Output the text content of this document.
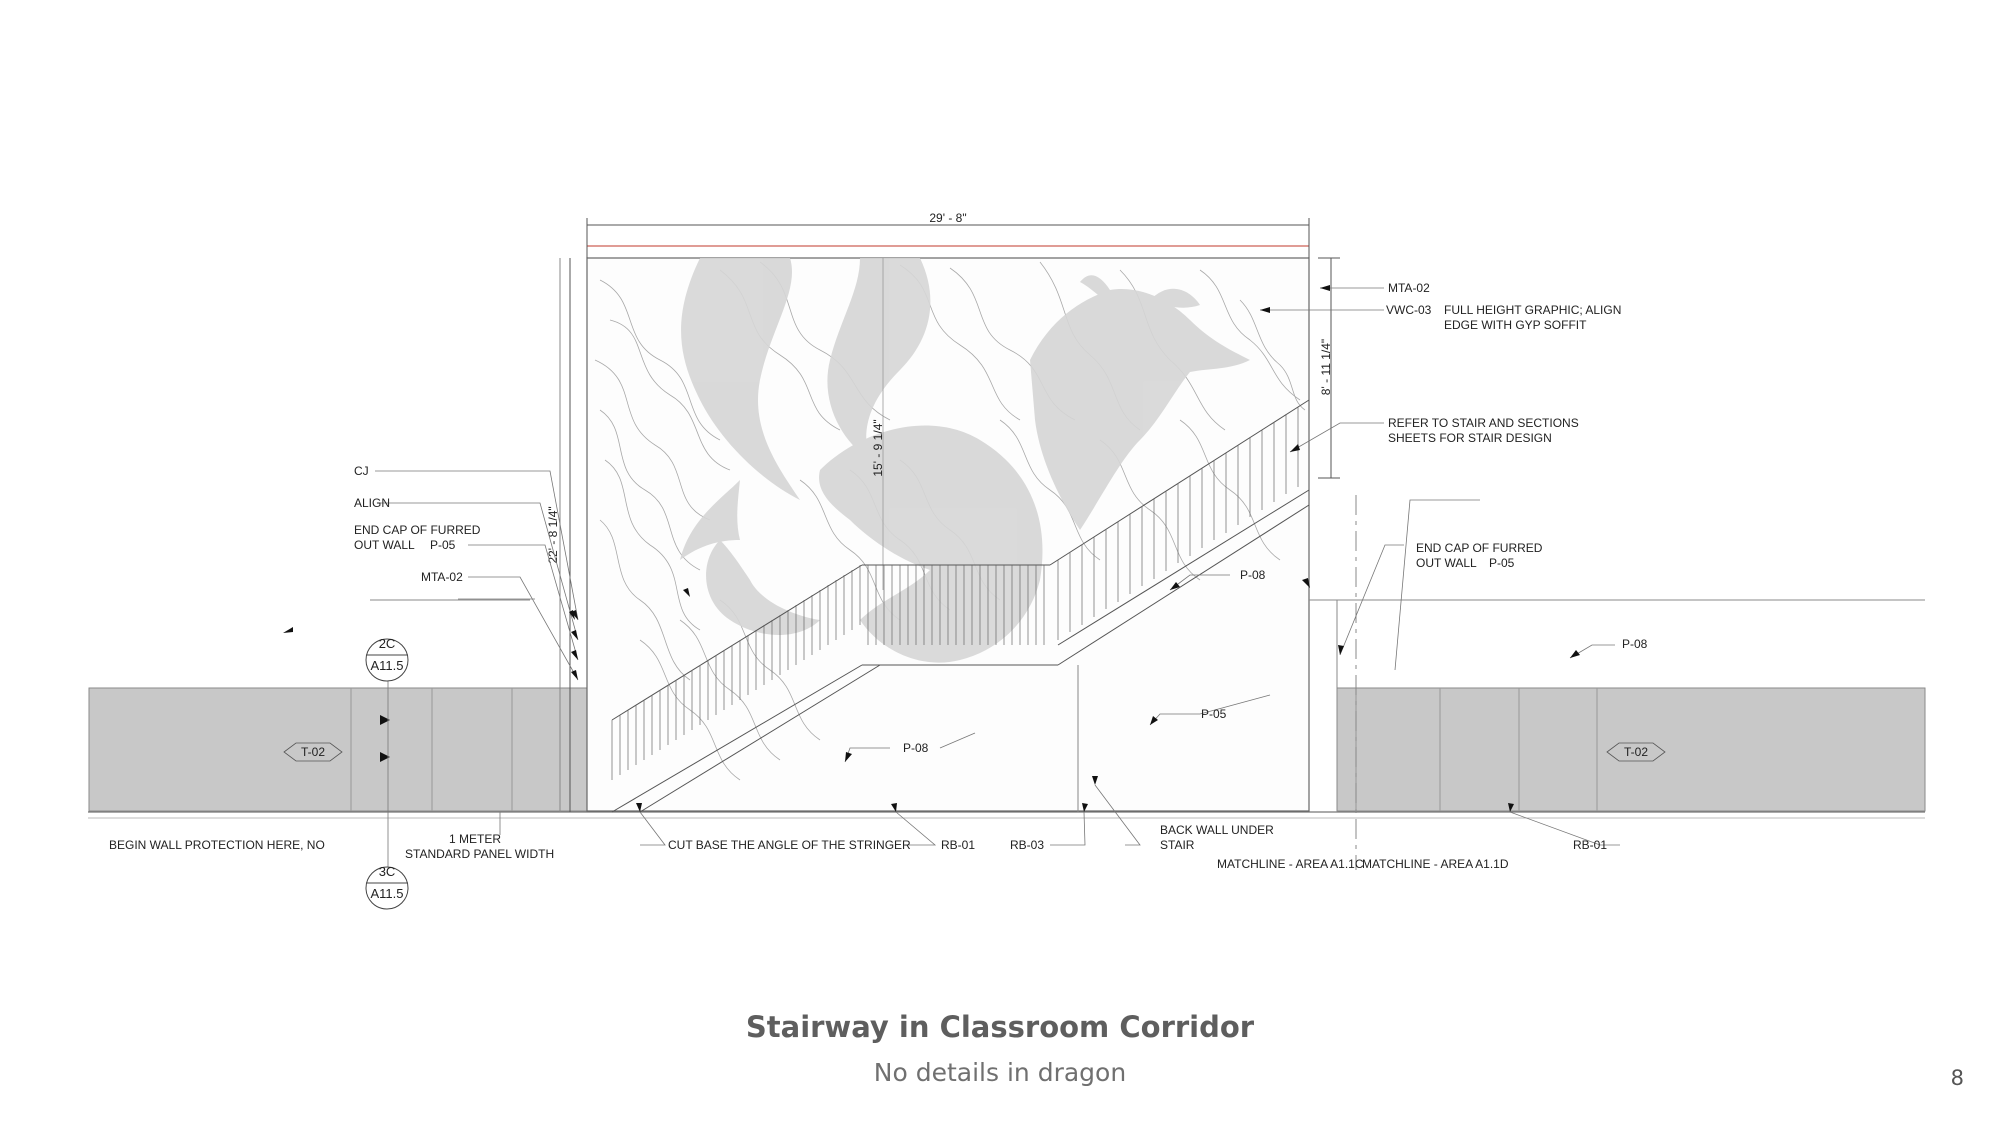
29' - 8"
22' - 8 1/4"
15' - 9 1/4"
8' - 11 1/4"
CJ
ALIGN
END CAP OF FURRED
OUT WALL P-05
MTA-02
MTA-02
VWC-03 FULL HEIGHT GRAPHIC; ALIGN
EDGE WITH GYP SOFFIT
REFER TO STAIR AND SECTIONS
SHEETS FOR STAIR DESIGN
END CAP OF FURRED
OUT WALL P-05
P-08
P-08
P-05
P-08
BEGIN WALL PROTECTION HERE, NO	1 METER
STANDARD PANEL WIDTH
CUT BASE THE ANGLE OF THE STRINGER	RB-01	RB-03
BACK WALL UNDER
STAIR
MATCHLINE - AREA A1.1C
MATCHLINE - AREA A1.1D
RB-01
T-02	T-02
2C
A11.5
3C
A11.5
Stairway in Classroom Corridor
No details in dragon	8
